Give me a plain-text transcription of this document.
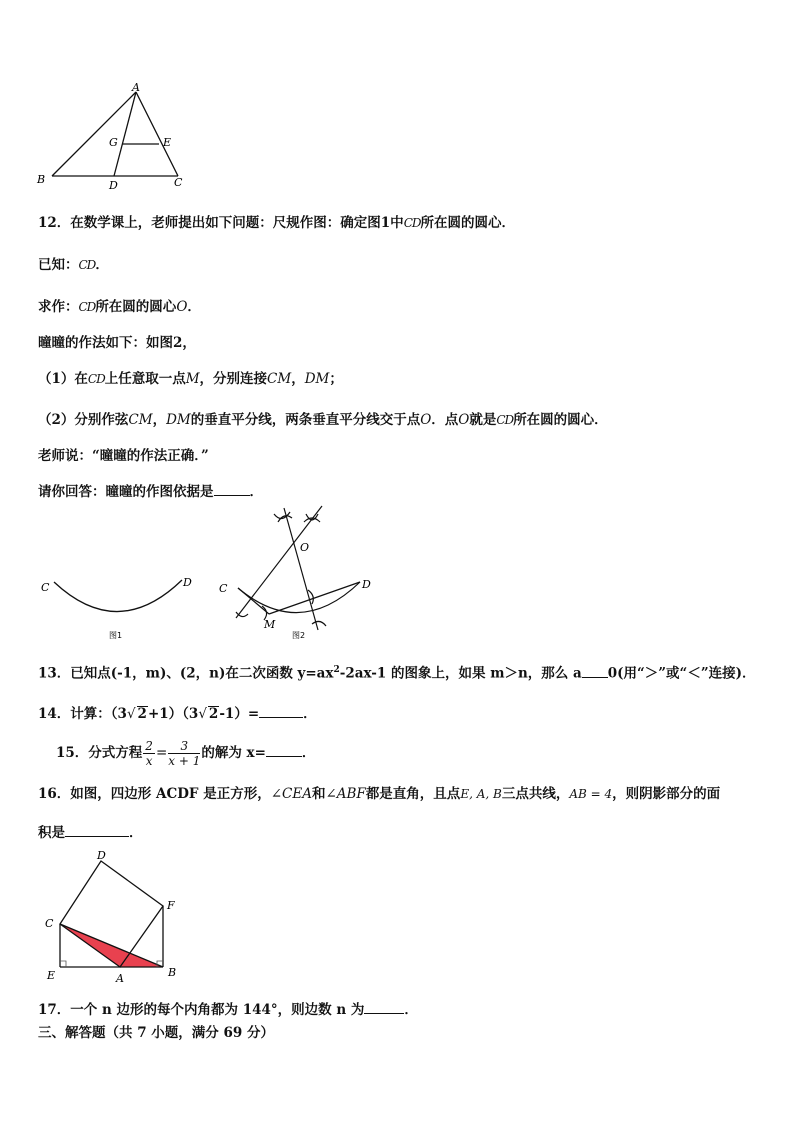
A
G	E
B	D	C
12．在数学课上，老师提出如下问题：尺规作图：确定图1中CD所在圆的圆心．
已知：CD．
求作：CD所在圆的圆心O．
曈曈的作法如下：如图2，
（1）在CD上任意取一点M，分别连接CM，DM；
（2）分别作弦CM，DM的垂直平分线，两条垂直平分线交于点O．点O就是CD所在圆的圆心．
老师说：“曈曈的作法正确．”
请你回答：曈曈的作图依据是	．
C	D
图1
O
C	D
M
图2
13．已知点(-1，m)、(2，n)在二次函数 $y=ax^2-2ax-1$ 的图象上，如果 m＞n，那么 a 0(用“＞”或“＜”连接)．
14．计算：（3√ 2+1）（3√ 2-1）=	．
15．分式方程 $\frac{2}{x} = \frac{3}{x + 1}$ 的解为 x=	．
16．如图，四边形 ACDF 是正方形，∠CEA和∠ABF都是直角，且点E, A, B三点共线，AB = 4，则阴影部分的面
积是	．
D
F
C
E	A	B
17．一个 n 边形的每个内角都为 144°，则边数 n 为	．
三、解答题（共 7 小题，满分 69 分）
